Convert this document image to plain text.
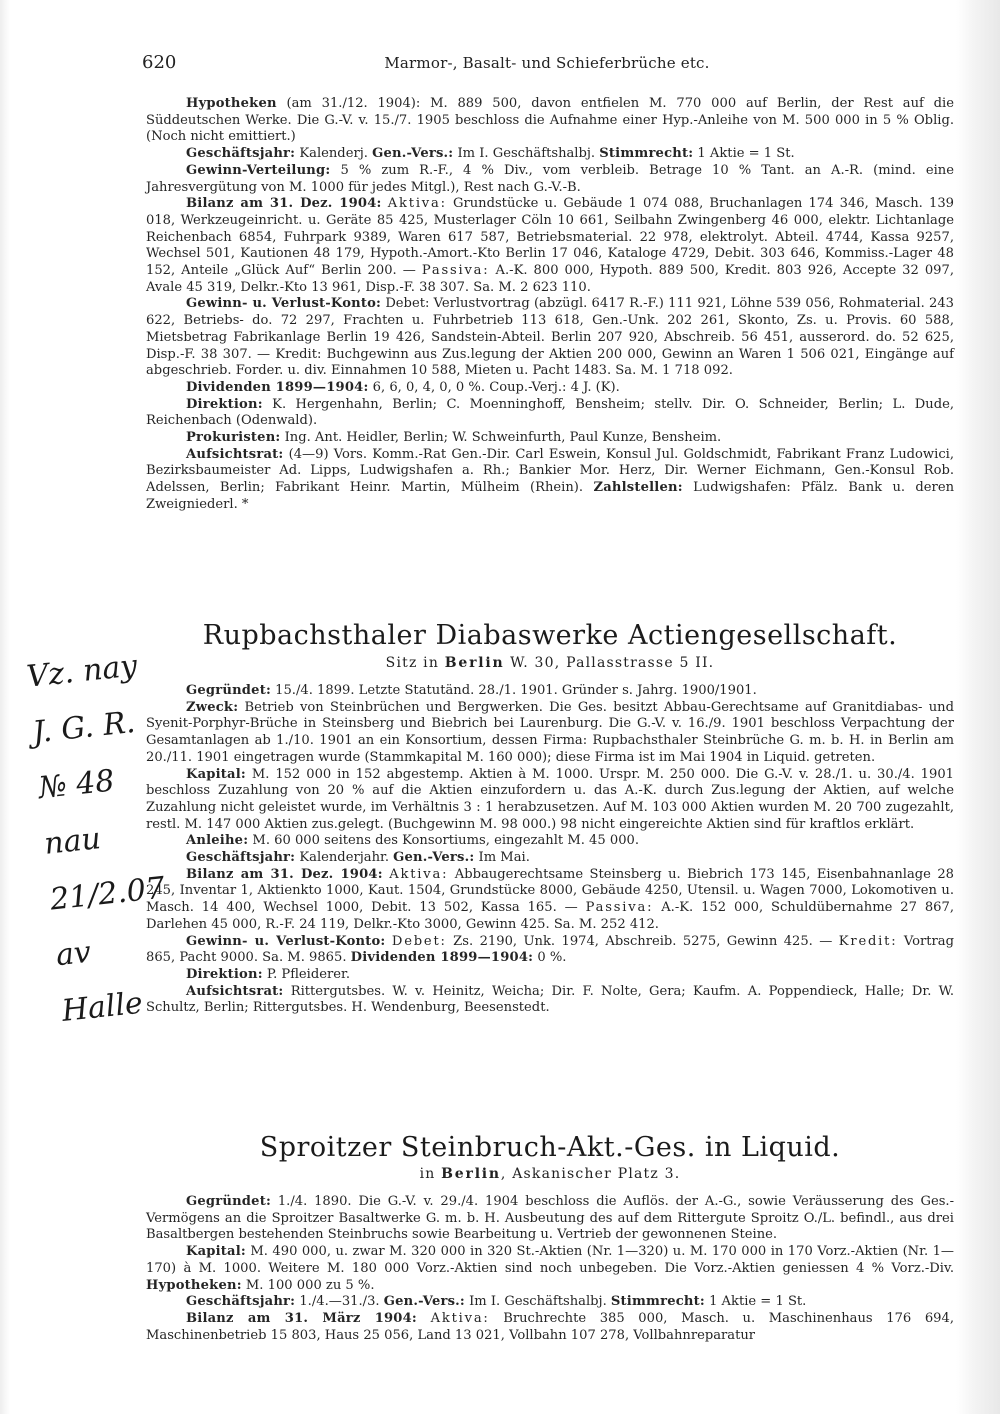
620	Marmor-, Basalt- und Schieferbrüche etc.

Hypotheken (am 31./12. 1904): M. 889 500, davon entfielen M. 770 000 auf Berlin, der Rest auf die Süddeutschen Werke. Die G.-V. v. 15./7. 1905 beschloss die Aufnahme einer Hyp.-Anleihe von M. 500 000 in 5 % Oblig. (Noch nicht emittiert.)

Geschäftsjahr: Kalenderj. Gen.-Vers.: Im I. Geschäftshalbj. Stimmrecht: 1 Aktie = 1 St.

Gewinn-Verteilung: 5 % zum R.-F., 4 % Div., vom verbleib. Betrage 10 % Tant. an A.-R. (mind. eine Jahresvergütung von M. 1000 für jedes Mitgl.), Rest nach G.-V.-B.

Bilanz am 31. Dez. 1904: Aktiva: Grundstücke u. Gebäude 1 074 088, Bruchanlagen 174 346, Masch. 139 018, Werkzeugeinricht. u. Geräte 85 425, Musterlager Cöln 10 661, Seilbahn Zwingenberg 46 000, elektr. Lichtanlage Reichenbach 6854, Fuhrpark 9389, Waren 617 587, Betriebsmaterial. 22 978, elektrolyt. Abteil. 4744, Kassa 9257, Wechsel 501, Kautionen 48 179, Hypoth.-Amort.-Kto Berlin 17 046, Kataloge 4729, Debit. 303 646, Kommiss.-Lager 48 152, Anteile „Glück Auf“ Berlin 200. — Passiva: A.-K. 800 000, Hypoth. 889 500, Kredit. 803 926, Accepte 32 097, Avale 45 319, Delkr.-Kto 13 961, Disp.-F. 38 307. Sa. M. 2 623 110.

Gewinn- u. Verlust-Konto: Debet: Verlustvortrag (abzügl. 6417 R.-F.) 111 921, Löhne 539 056, Rohmaterial. 243 622, Betriebs- do. 72 297, Frachten u. Fuhrbetrieb 113 618, Gen.-Unk. 202 261, Skonto, Zs. u. Provis. 60 588, Mietsbetrag Fabrikanlage Berlin 19 426, Sandstein-Abteil. Berlin 207 920, Abschreib. 56 451, ausserord. do. 52 625, Disp.-F. 38 307. — Kredit: Buchgewinn aus Zus.legung der Aktien 200 000, Gewinn an Waren 1 506 021, Eingänge auf abgeschrieb. Forder. u. div. Einnahmen 10 588, Mieten u. Pacht 1483. Sa. M. 1 718 092.

Dividenden 1899—1904: 6, 6, 0, 4, 0, 0 %. Coup.-Verj.: 4 J. (K).

Direktion: K. Hergenhahn, Berlin; C. Moenninghoff, Bensheim; stellv. Dir. O. Schneider, Berlin; L. Dude, Reichenbach (Odenwald).

Prokuristen: Ing. Ant. Heidler, Berlin; W. Schweinfurth, Paul Kunze, Bensheim.

Aufsichtsrat: (4—9) Vors. Komm.-Rat Gen.-Dir. Carl Eswein, Konsul Jul. Goldschmidt, Fabrikant Franz Ludowici, Bezirksbaumeister Ad. Lipps, Ludwigshafen a. Rh.; Bankier Mor. Herz, Dir. Werner Eichmann, Gen.-Konsul Rob. Adelssen, Berlin; Fabrikant Heinr. Martin, Mülheim (Rhein). Zahlstellen: Ludwigshafen: Pfälz. Bank u. deren Zweigniederl. *

Rupbachsthaler Diabaswerke Actiengesellschaft.
Sitz in Berlin W. 30, Pallasstrasse 5 II.

Gegründet: 15./4. 1899. Letzte Statutänd. 28./1. 1901. Gründer s. Jahrg. 1900/1901.

Zweck: Betrieb von Steinbrüchen und Bergwerken. Die Ges. besitzt Abbau-Gerechtsame auf Granitdiabas- und Syenit-Porphyr-Brüche in Steinsberg und Biebrich bei Laurenburg. Die G.-V. v. 16./9. 1901 beschloss Verpachtung der Gesamtanlagen ab 1./10. 1901 an ein Konsortium, dessen Firma: Rupbachsthaler Steinbrüche G. m. b. H. in Berlin am 20./11. 1901 eingetragen wurde (Stammkapital M. 160 000); diese Firma ist im Mai 1904 in Liquid. getreten.

Kapital: M. 152 000 in 152 abgestemp. Aktien à M. 1000. Urspr. M. 250 000. Die G.-V. v. 28./1. u. 30./4. 1901 beschloss Zuzahlung von 20 % auf die Aktien einzufordern u. das A.-K. durch Zus.legung der Aktien, auf welche Zuzahlung nicht geleistet wurde, im Verhältnis 3 : 1 herabzusetzen. Auf M. 103 000 Aktien wurden M. 20 700 zugezahlt, restl. M. 147 000 Aktien zus.gelegt. (Buchgewinn M. 98 000.) 98 nicht eingereichte Aktien sind für kraftlos erklärt.

Anleihe: M. 60 000 seitens des Konsortiums, eingezahlt M. 45 000.

Geschäftsjahr: Kalenderjahr. Gen.-Vers.: Im Mai.

Bilanz am 31. Dez. 1904: Aktiva: Abbaugerechtsame Steinsberg u. Biebrich 173 145, Eisenbahnanlage 28 245, Inventar 1, Aktienkto 1000, Kaut. 1504, Grundstücke 8000, Gebäude 4250, Utensil. u. Wagen 7000, Lokomotiven u. Masch. 14 400, Wechsel 1000, Debit. 13 502, Kassa 165. — Passiva: A.-K. 152 000, Schuldübernahme 27 867, Darlehen 45 000, R.-F. 24 119, Delkr.-Kto 3000, Gewinn 425. Sa. M. 252 412.

Gewinn- u. Verlust-Konto: Debet: Zs. 2190, Unk. 1974, Abschreib. 5275, Gewinn 425. — Kredit: Vortrag 865, Pacht 9000. Sa. M. 9865. Dividenden 1899—1904: 0 %.

Direktion: P. Pfleiderer.

Aufsichtsrat: Rittergutsbes. W. v. Heinitz, Weicha; Dir. F. Nolte, Gera; Kaufm. A. Poppendieck, Halle; Dr. W. Schultz, Berlin; Rittergutsbes. H. Wendenburg, Beesenstedt.

Sproitzer Steinbruch-Akt.-Ges. in Liquid.
in Berlin, Askanischer Platz 3.

Gegründet: 1./4. 1890. Die G.-V. v. 29./4. 1904 beschloss die Auflös. der A.-G., sowie Veräusserung des Ges.-Vermögens an die Sproitzer Basaltwerke G. m. b. H. Ausbeutung des auf dem Rittergute Sproitz O./L. befindl., aus drei Basaltbergen bestehenden Steinbruchs sowie Bearbeitung u. Vertrieb der gewonnenen Steine.

Kapital: M. 490 000, u. zwar M. 320 000 in 320 St.-Aktien (Nr. 1—320) u. M. 170 000 in 170 Vorz.-Aktien (Nr. 1—170) à M. 1000. Weitere M. 180 000 Vorz.-Aktien sind noch unbegeben. Die Vorz.-Aktien geniessen 4 % Vorz.-Div. Hypotheken: M. 100 000 zu 5 %.

Geschäftsjahr: 1./4.—31./3. Gen.-Vers.: Im I. Geschäftshalbj. Stimmrecht: 1 Aktie = 1 St.

Bilanz am 31. März 1904: Aktiva: Bruchrechte 385 000, Masch. u. Maschinenhaus 176 694, Maschinenbetrieb 15 803, Haus 25 056, Land 13 021, Vollbahn 107 278, Vollbahnreparatur

Vz. nay
J. G. R.
№ 48
nau
21/2.07
av
Halle
